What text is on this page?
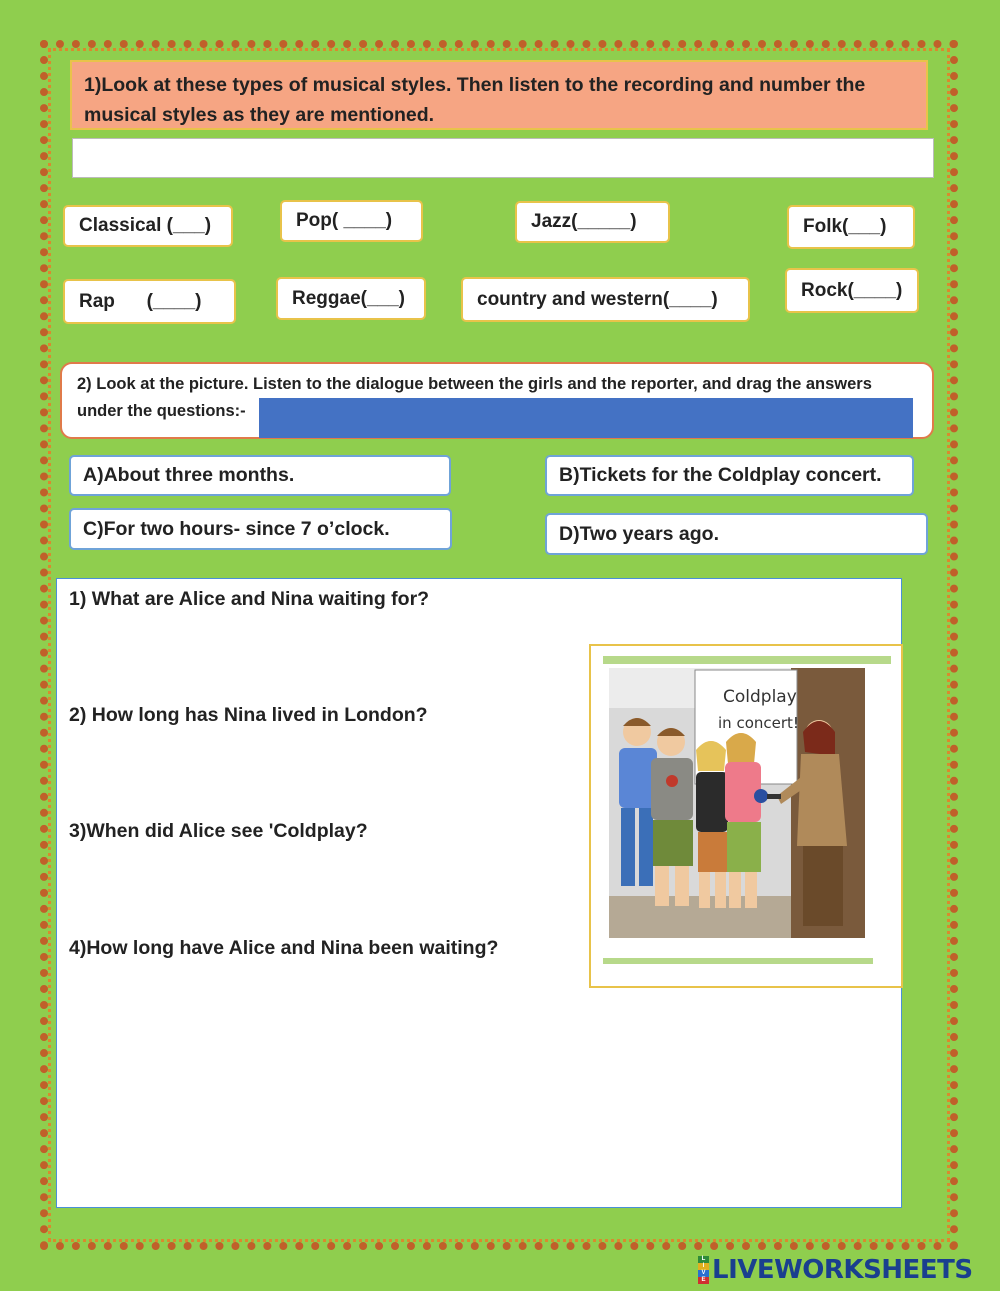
1)Look at these types of musical styles. Then listen to the recording and number the musical styles as they are mentioned.
Classical (___)	Pop( ____)	Jazz(_____)	Folk(___)
Rap      (____)	Reggae(___)	country and western(____)	Rock(____)
2) Look at the picture. Listen to the dialogue between the girls and the reporter, and drag the answers
under the questions:-
A)About three months.	B)Tickets for the Coldplay concert.
C)For two hours- since 7 o’clock.	D)Two years ago.
1) What are Alice and Nina waiting for?
2) How long has Nina lived in London?
3)When did Alice see 'Coldplay?
4)How long have Alice and Nina been waiting?
Coldplay
in concert!
L
I
V
E LIVEWORKSHEETS
